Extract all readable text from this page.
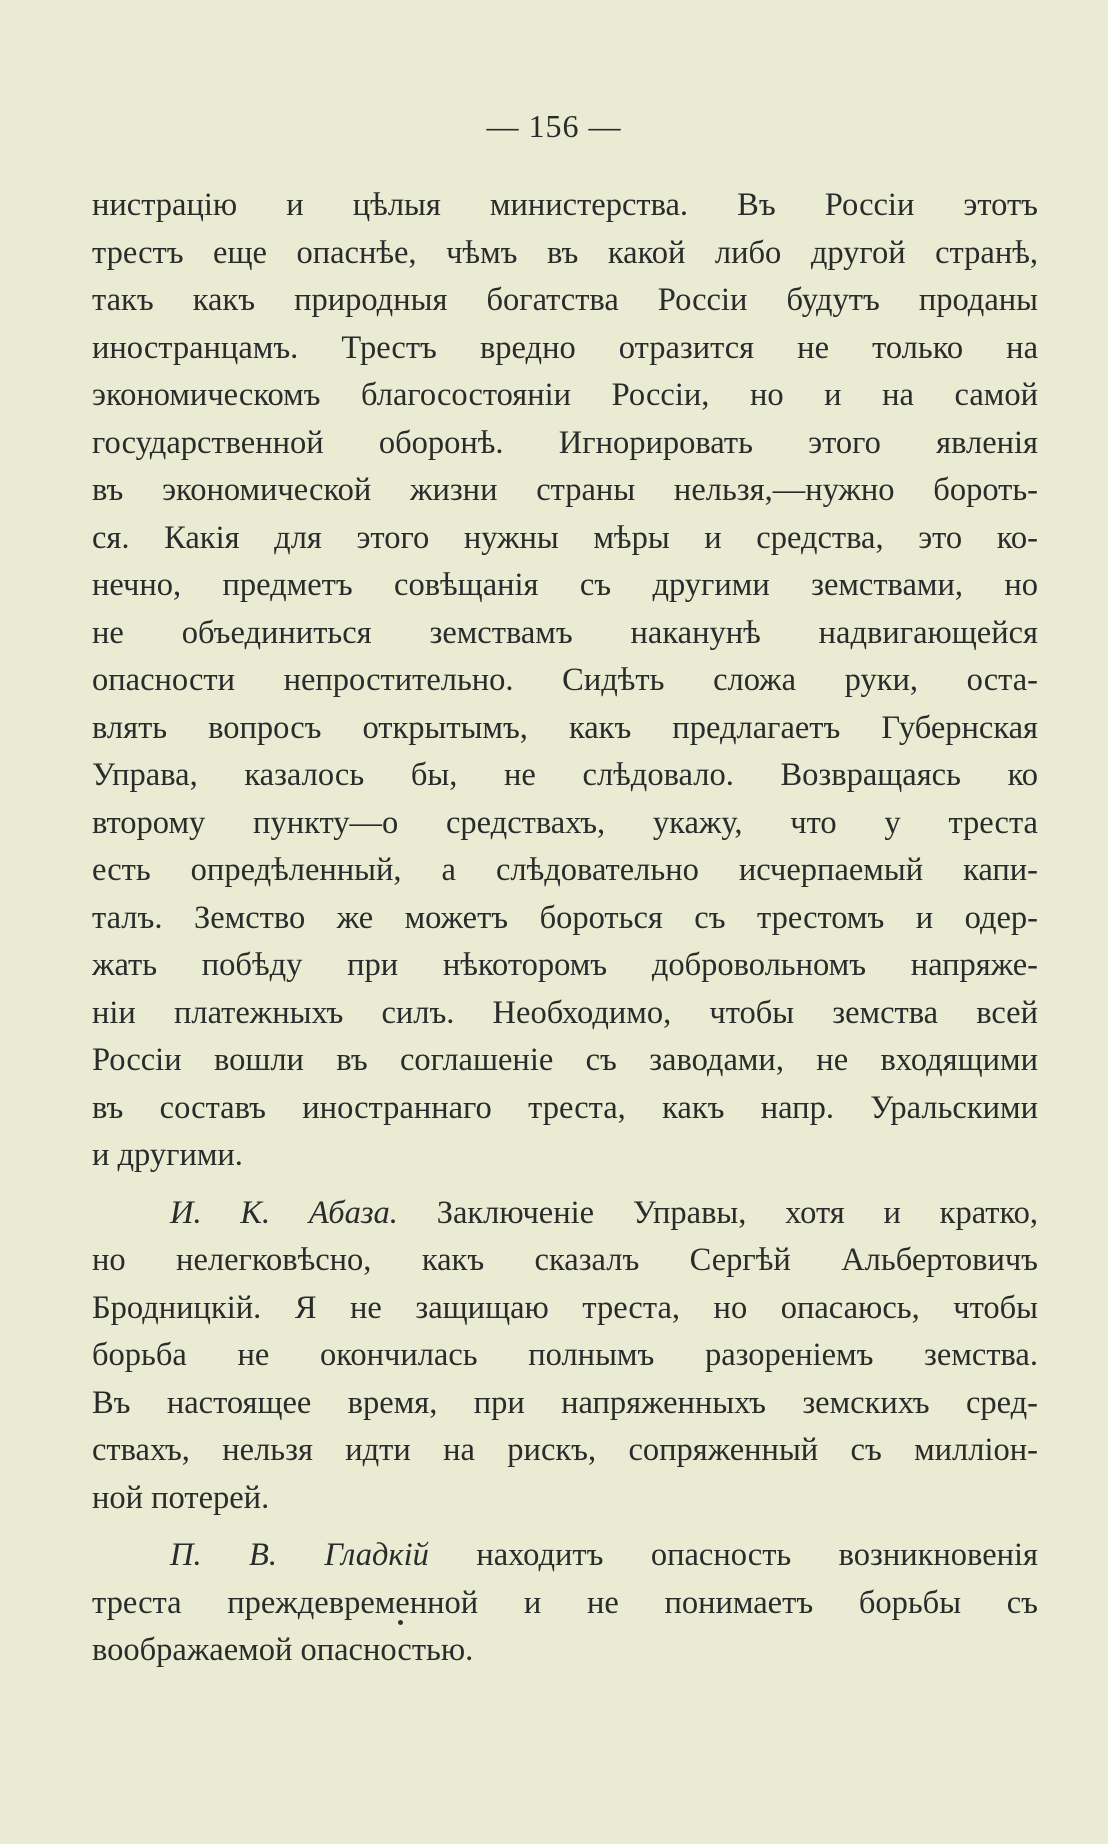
— 156 —
нистрацію и цѣлыя министерства. Въ Россіи этотъ
трестъ еще опаснѣе, чѣмъ въ какой либо другой странѣ,
такъ какъ природныя богатства Россіи будутъ проданы
иностранцамъ. Трестъ вредно отразится не только на
экономическомъ благосостояніи Россіи, но и на самой
государственной оборонѣ. Игнорировать этого явленія
въ экономической жизни страны нельзя,—нужно бороть-
ся. Какія для этого нужны мѣры и средства, это ко-
нечно, предметъ совѣщанія съ другими земствами, но
не объединиться земствамъ наканунѣ надвигающейся
опасности непростительно. Сидѣть сложа руки, оста-
влять вопросъ открытымъ, какъ предлагаетъ Губернская
Управа, казалось бы, не слѣдовало. Возвращаясь ко
второму пункту—о средствахъ, укажу, что у треста
есть опредѣленный, а слѣдовательно исчерпаемый капи-
талъ. Земство же можетъ бороться съ трестомъ и одер-
жать побѣду при нѣкоторомъ добровольномъ напряже-
ніи платежныхъ силъ. Необходимо, чтобы земства всей
Россіи вошли въ соглашеніе съ заводами, не входящими
въ составъ иностраннаго треста, какъ напр. Уральскими
и другими.
И. К. Абаза. Заключеніе Управы, хотя и кратко,
но нелегковѣсно, какъ сказалъ Сергѣй Альбертовичъ
Бродницкій. Я не защищаю треста, но опасаюсь, чтобы
борьба не окончилась полнымъ разореніемъ земства.
Въ настоящее время, при напряженныхъ земскихъ сред-
ствахъ, нельзя идти на рискъ, сопряженный съ милліон-
ной потерей.
П. В. Гладкій находитъ опасность возникновенія
треста преждевременной и не понимаетъ борьбы съ
воображаемой опасностью.
